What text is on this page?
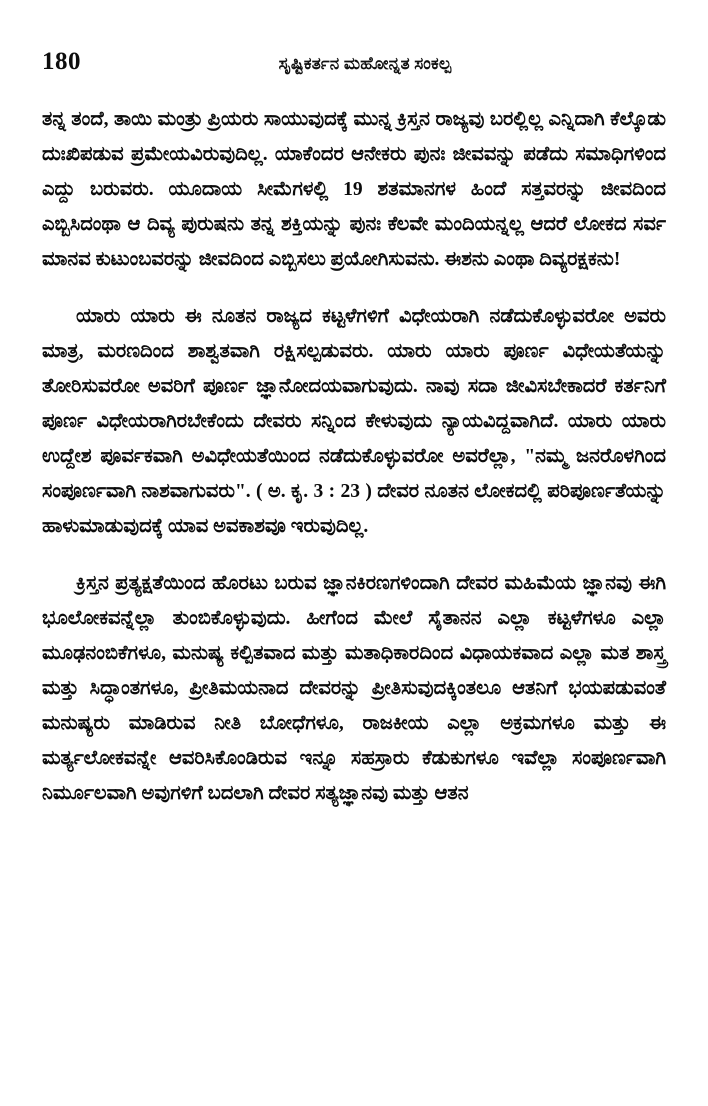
180	ಸೃಷ್ಟಿಕರ್ತನ ಮಹೋನ್ನತ ಸಂಕಲ್ಪ

ತನ್ನ ತಂದೆ, ತಾಯಿ ಮಂತ್ರು ಪ್ರಿಯರು ಸಾಯುವುದಕ್ಕೆ ಮುನ್ನ ಕ್ರಿಸ್ತನ ರಾಜ್ಯವು ಬರಲ್ಲಿಲ್ಲ ಎನ್ನಿದಾಗಿ ಕೆಲ್ಕೊಡು ದುಃಖಿಪಡುವ ಪ್ರಮೇಯವಿರುವುದಿಲ್ಲ. ಯಾಕೆಂದರ ಆನೇಕರು ಪುನಃ ಜೀವವನ್ನು ಪಡೆದು ಸಮಾಧಿಗಳಿಂದ ಎದ್ದು ಬರುವರು. ಯೂದಾಯ ಸೀಮೆಗಳಲ್ಲಿ 19 ಶತಮಾನಗಳ ಹಿಂದೆ ಸತ್ತವರನ್ನು ಜೀವದಿಂದ ಎಬ್ಬಿಸಿದಂಥಾ ಆ ದಿವ್ಯ ಪುರುಷನು ತನ್ನ ಶಕ್ತಿಯನ್ನು ಪುನಃ ಕೆಲವೇ ಮಂದಿಯನ್ನಲ್ಲ ಆದರೆ ಲೋಕದ ಸರ್ವ ಮಾನವ ಕುಟುಂಬವರನ್ನು ಜೀವದಿಂದ ಎಬ್ಬಿಸಲು ಪ್ರಯೋಗಿಸುವನು. ಈಶನು ಎಂಥಾ ದಿವ್ಯರಕ್ಷಕನು!

ಯಾರು ಯಾರು ಈ ನೂತನ ರಾಜ್ಯದ ಕಟ್ಟಳೆಗಳಿಗೆ ವಿಧೇಯರಾಗಿ ನಡೆದುಕೊಳ್ಳುವರೋ ಅವರು ಮಾತ್ರ, ಮರಣದಿಂದ ಶಾಶ್ವತವಾಗಿ ರಕ್ಷಿಸಲ್ಪಡುವರು. ಯಾರು ಯಾರು ಪೂರ್ಣ ವಿಧೇಯತೆಯನ್ನು ತೋರಿಸುವರೋ ಅವರಿಗೆ ಪೂರ್ಣ ಜ್ಞಾನೋದಯವಾಗುವುದು. ನಾವು ಸದಾ ಜೀವಿಸಬೇಕಾದರೆ ಕರ್ತನಿಗೆ ಪೂರ್ಣ ವಿಧೇಯರಾಗಿರಬೇಕೆಂದು ದೇವರು ಸನ್ನಿಂದ ಕೇಳುವುದು ನ್ಯಾಯವಿದ್ದವಾಗಿದೆ. ಯಾರು ಯಾರು ಉದ್ದೇಶ ಪೂರ್ವಕವಾಗಿ ಅವಿಧೇಯತೆಯಿಂದ ನಡೆದುಕೊಳ್ಳುವರೋ ಅವರೆಲ್ಲಾ, "ನಮ್ಮ ಜನರೊಳಗಿಂದ ಸಂಪೂರ್ಣವಾಗಿ ನಾಶವಾಗುವರು". ( ಅ. ಕೃ. 3 : 23 ) ದೇವರ ನೂತನ ಲೋಕದಲ್ಲಿ ಪರಿಪೂರ್ಣತೆಯನ್ನು ಹಾಳುಮಾಡುವುದಕ್ಕೆ ಯಾವ ಅವಕಾಶವೂ ಇರುವುದಿಲ್ಲ.

ಕ್ರಿಸ್ತನ ಪ್ರತ್ಯಕ್ಷತೆಯಿಂದ ಹೊರಟು ಬರುವ ಜ್ಞಾನಕಿರಣಗಳಿಂದಾಗಿ ದೇವರ ಮಹಿಮೆಯ ಜ್ಞಾನವು ಈಗಿ ಭೂಲೋಕವನ್ನೆಲ್ಲಾ ತುಂಬಿಕೊಳ್ಳುವುದು. ಹೀಗೆಂದ ಮೇಲೆ ಸೈತಾನನ ಎಲ್ಲಾ ಕಟ್ಟಳೆಗಳೂ ಎಲ್ಲಾ ಮೂಢನಂಬಿಕೆಗಳೂ, ಮನುಷ್ಯ ಕಲ್ಪಿತವಾದ ಮತ್ತು ಮತಾಧಿಕಾರದಿಂದ ವಿಧಾಯಕವಾದ ಎಲ್ಲಾ ಮತ ಶಾಸ್ತ್ರ ಮತ್ತು ಸಿದ್ಧಾಂತಗಳೂ, ಪ್ರೀತಿಮಯನಾದ ದೇವರನ್ನು ಪ್ರೀತಿಸುವುದಕ್ಕಿಂತಲೂ ಆತನಿಗೆ ಭಯಪಡುವಂತೆ ಮನುಷ್ಯರು ಮಾಡಿರುವ ನೀತಿ ಬೋಧೆಗಳೂ, ರಾಜಕೀಯ ಎಲ್ಲಾ ಅಕ್ರಮಗಳೂ ಮತ್ತು ಈ ಮರ್ತ್ಯಲೋಕವನ್ನೇ ಆವರಿಸಿಕೊಂಡಿರುವ ಇನ್ನೂ ಸಹಸ್ರಾರು ಕೆಡುಕುಗಳೂ ಇವೆಲ್ಲಾ ಸಂಪೂರ್ಣವಾಗಿ ನಿರ್ಮೂಲವಾಗಿ ಅವುಗಳಿಗೆ ಬದಲಾಗಿ ದೇವರ ಸತ್ಯಜ್ಞಾನವು ಮತ್ತು ಆತನ
